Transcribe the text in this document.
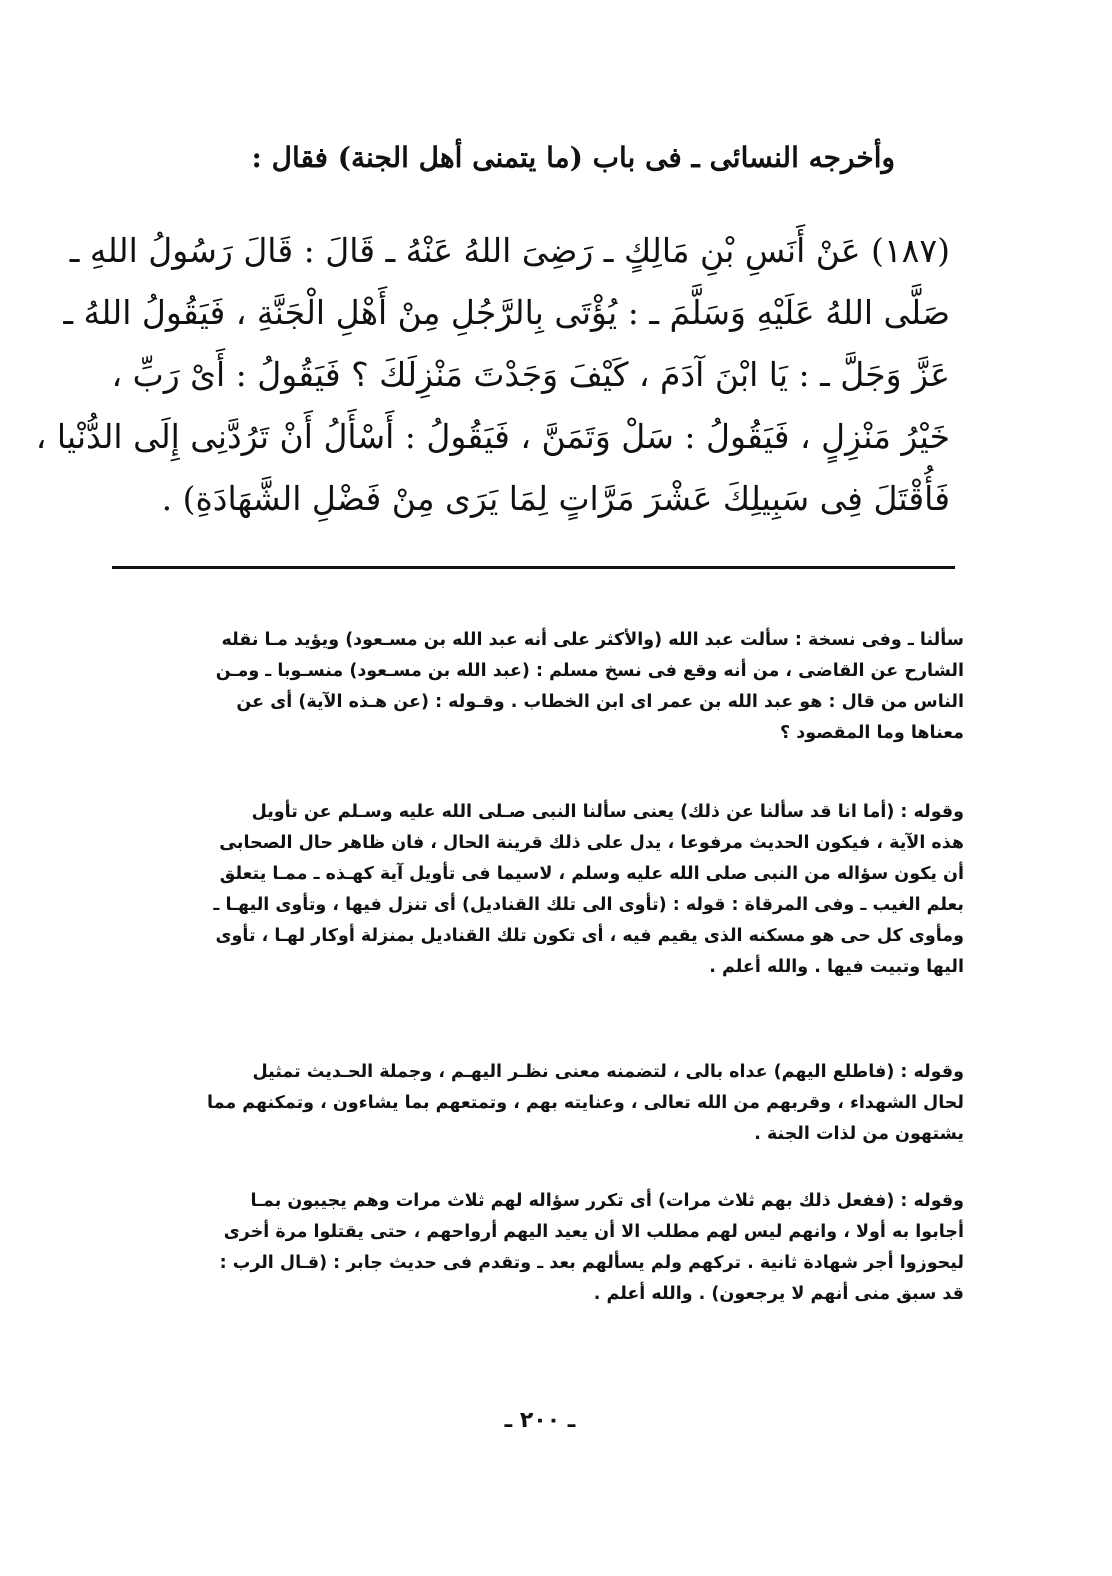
وأخرجه النسائى ـ فى باب (ما يتمنى أهل الجنة) فقال :
(١٨٧) عَنْ أَنَسِ بْنِ مَالِكٍ ـ رَضِىَ اللهُ عَنْهُ ـ قَالَ : قَالَ رَسُولُ اللهِ ـ
صَلَّى اللهُ عَلَيْهِ وَسَلَّمَ ـ : يُؤْتَى بِالرَّجُلِ مِنْ أَهْلِ الْجَنَّةِ ، فَيَقُولُ اللهُ ـ
عَزَّ وَجَلَّ ـ : يَا ابْنَ آدَمَ ، كَيْفَ وَجَدْتَ مَنْزِلَكَ ؟ فَيَقُولُ : أَىْ رَبِّ ،
خَيْرُ مَنْزِلٍ ، فَيَقُولُ : سَلْ وَتَمَنَّ ، فَيَقُولُ : أَسْأَلُ أَنْ تَرُدَّنِى إِلَى الدُّنْيا ،
فَأُقْتَلَ فِى سَبِيلِكَ عَشْرَ مَرَّاتٍ لِمَا يَرَى مِنْ فَضْلِ الشَّهَادَةِ) .
سألنا ـ وفى نسخة : سألت عبد الله (والأكثر على أنه عبد الله بن مسـعود) ويؤيد مـا نقله
الشارح عن القاضى ، من أنه وقع فى نسخ مسلم : (عبد الله بن مسـعود) منسـوبا ـ ومـن
الناس من قال : هو عبد الله بن عمر اى ابن الخطاب . وقـوله : (عن هـذه الآية) أى عن
معناها وما المقصود ؟
وقوله : (أما انا قد سألنا عن ذلك) يعنى سألنا النبى صـلى الله عليه وسـلم عن تأويل
هذه الآية ، فيكون الحديث مرفوعا ، يدل على ذلك قرينة الحال ، فان ظاهر حال الصحابى
أن يكون سؤاله من النبى صلى الله عليه وسلم ، لاسيما فى تأويل آية كهـذه ـ ممـا يتعلق
بعلم الغيب ـ وفى المرقاة : قوله : (تأوى الى تلك القناديل) أى تنزل فيها ، وتأوى اليهـا ـ
ومأوى كل حى هو مسكنه الذى يقيم فيه ، أى تكون تلك القناديل بمنزلة أوكار لهـا ، تأوى
اليها وتبيت فيها . والله أعلم .
وقوله : (فاطلع اليهم) عداه بالى ، لتضمنه معنى نظـر اليهـم ، وجملة الحـديث تمثيل
لحال الشهداء ، وقربهم من الله تعالى ، وعنايته بهم ، وتمتعهم بما يشاءون ، وتمكنهم مما
يشتهون من لذات الجنة .
وقوله : (ففعل ذلك بهم ثلاث مرات) أى تكرر سؤاله لهم ثلاث مرات وهم يجيبون بمـا
أجابوا به أولا ، وانهم ليس لهم مطلب الا أن يعيد اليهم أرواحهم ، حتى يقتلوا مرة أخرى
ليحوزوا أجر شهادة ثانية . تركهم ولم يسألهم بعد ـ وتقدم فى حديث جابر : (قـال الرب :
قد سبق منى أنهم لا يرجعون) . والله أعلم .
ـ ٢٠٠ ـ
